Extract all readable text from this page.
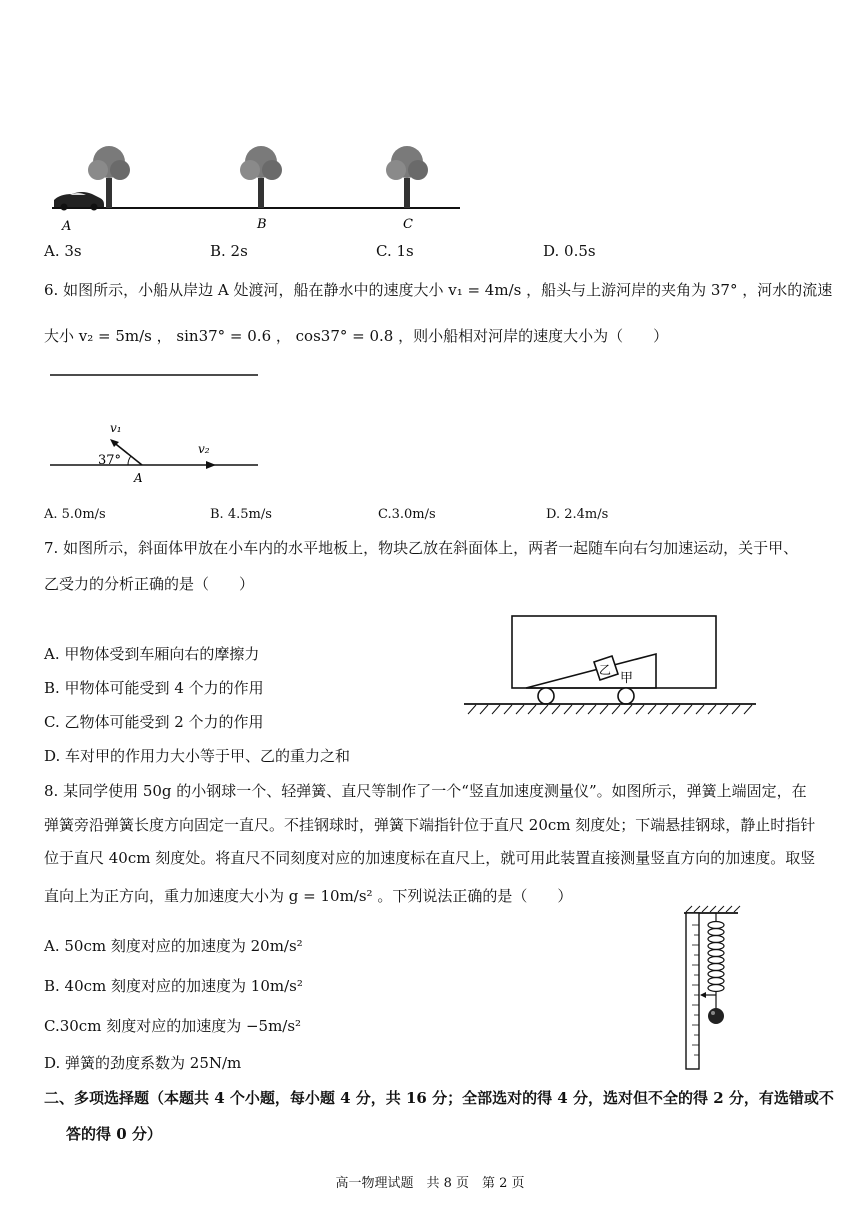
A	B	C
A. 3s	B. 2s	C. 1s	D. 0.5s
6. 如图所示，小船从岸边 A 处渡河，船在静水中的速度大小 v₁ = 4m/s ，船头与上游河岸的夹角为 37° ，河水的流速
大小 v₂ = 5m/s ， sin37° = 0.6 ， cos37° = 0.8 ，则小船相对河岸的速度大小为（　　）
v₁
v₂
37°
A
A. 5.0m/s	B. 4.5m/s	C.3.0m/s	D. 2.4m/s
7. 如图所示，斜面体甲放在小车内的水平地板上，物块乙放在斜面体上，两者一起随车向右匀加速运动，关于甲、
乙受力的分析正确的是（　　）
A. 甲物体受到车厢向右的摩擦力
B. 甲物体可能受到 4 个力的作用
C. 乙物体可能受到 2 个力的作用
D. 车对甲的作用力大小等于甲、乙的重力之和
乙
甲
8. 某同学使用 50g 的小钢球一个、轻弹簧、直尺等制作了一个“竖直加速度测量仪”。如图所示，弹簧上端固定，在
弹簧旁沿弹簧长度方向固定一直尺。不挂钢球时，弹簧下端指针位于直尺 20cm 刻度处；下端悬挂钢球，静止时指针
位于直尺 40cm 刻度处。将直尺不同刻度对应的加速度标在直尺上，就可用此装置直接测量竖直方向的加速度。取竖
直向上为正方向，重力加速度大小为 g = 10m/s² 。下列说法正确的是（　　）
A. 50cm 刻度对应的加速度为 20m/s²
B. 40cm 刻度对应的加速度为 10m/s²
C.30cm 刻度对应的加速度为 −5m/s²
D. 弹簧的劲度系数为 25N/m
二、多项选择题（本题共 4 个小题，每小题 4 分，共 16 分；全部选对的得 4 分，选对但不全的得 2 分，有选错或不
答的得 0 分）
高一物理试题　共 8 页　第 2 页
